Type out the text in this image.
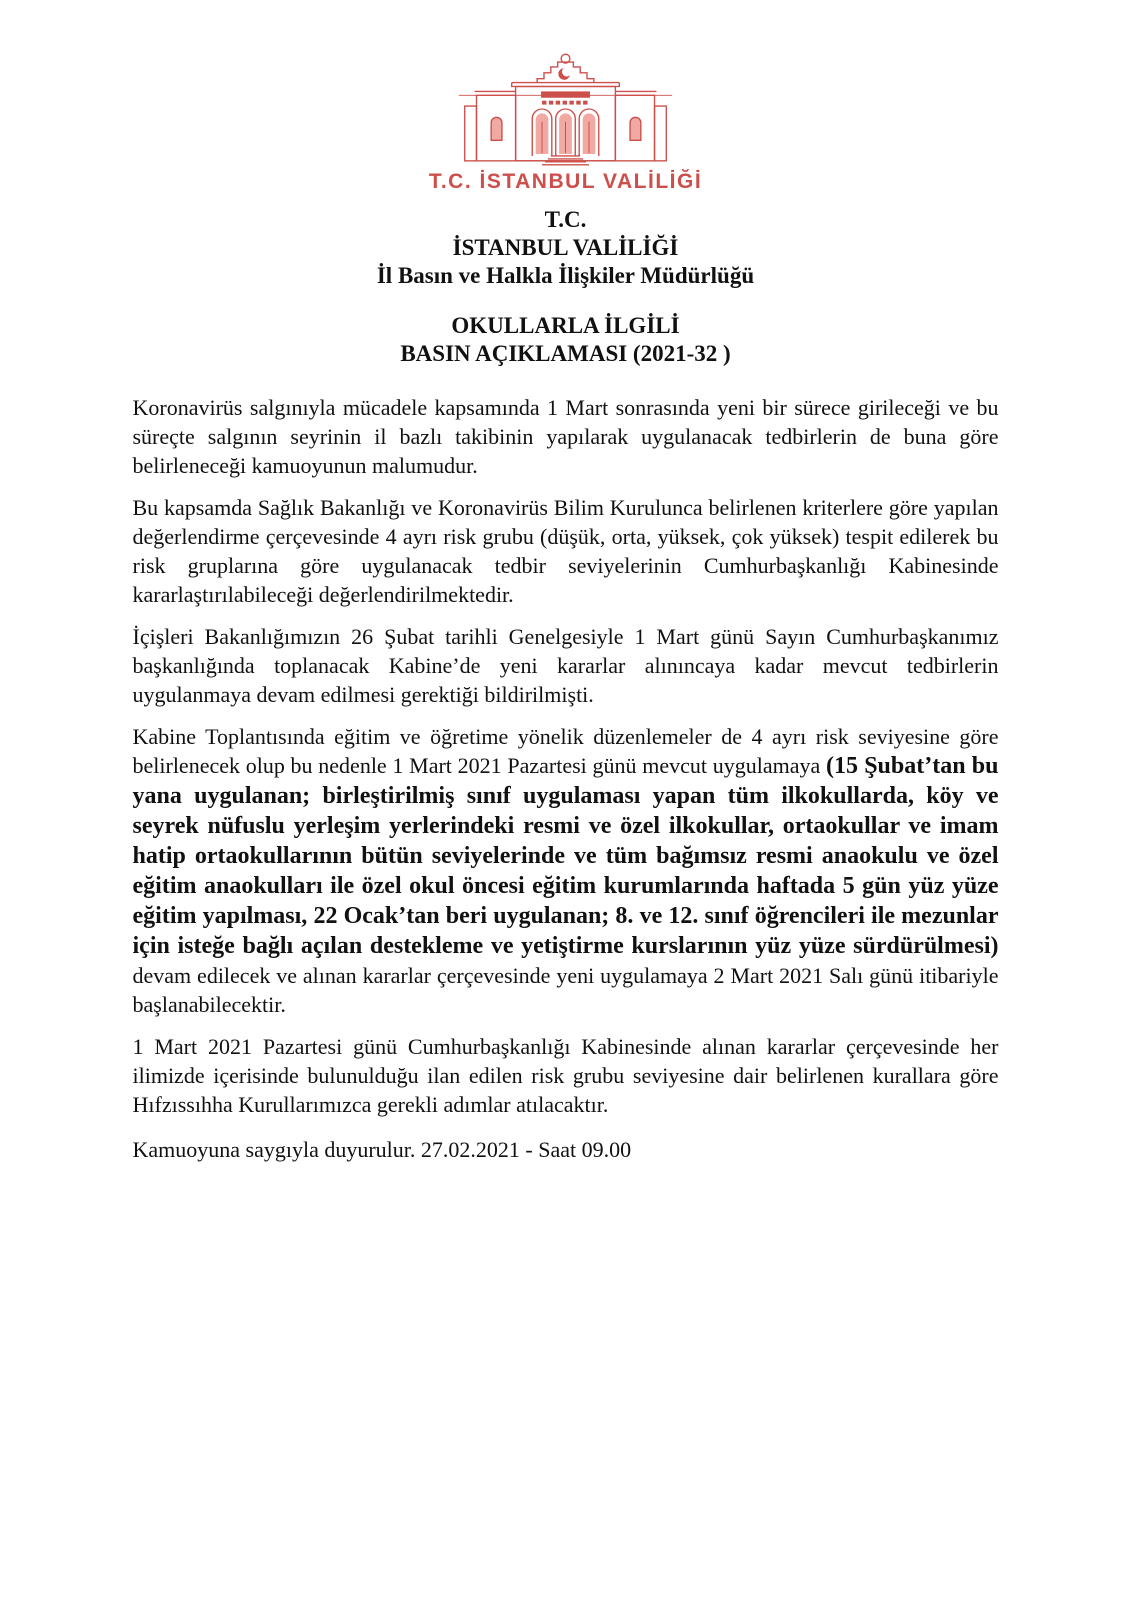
T.C. İSTANBUL VALİLİĞİ
T.C.
İSTANBUL VALİLİĞİ
İl Basın ve Halkla İlişkiler Müdürlüğü
OKULLARLA İLGİLİ
BASIN AÇIKLAMASI (2021-32 )

Koronavirüs salgınıyla mücadele kapsamında 1 Mart sonrasında yeni bir sürece girileceği ve bu süreçte salgının seyrinin il bazlı takibinin yapılarak uygulanacak tedbirlerin de buna göre belirleneceği kamuoyunun malumudur.

Bu kapsamda Sağlık Bakanlığı ve Koronavirüs Bilim Kurulunca belirlenen kriterlere göre yapılan değerlendirme çerçevesinde 4 ayrı risk grubu (düşük, orta, yüksek, çok yüksek) tespit edilerek bu risk gruplarına göre uygulanacak tedbir seviyelerinin Cumhurbaşkanlığı Kabinesinde kararlaştırılabileceği değerlendirilmektedir.

İçişleri Bakanlığımızın 26 Şubat tarihli Genelgesiyle 1 Mart günü Sayın Cumhurbaşkanımız başkanlığında toplanacak Kabine’de yeni kararlar alınıncaya kadar mevcut tedbirlerin uygulanmaya devam edilmesi gerektiği bildirilmişti.

Kabine Toplantısında eğitim ve öğretime yönelik düzenlemeler de 4 ayrı risk seviyesine göre belirlenecek olup bu nedenle 1 Mart 2021 Pazartesi günü mevcut uygulamaya (15 Şubat’tan bu yana uygulanan; birleştirilmiş sınıf uygulaması yapan tüm ilkokullarda, köy ve seyrek nüfuslu yerleşim yerlerindeki resmi ve özel ilkokullar, ortaokullar ve imam hatip ortaokullarının bütün seviyelerinde ve tüm bağımsız resmi anaokulu ve özel eğitim anaokulları ile özel okul öncesi eğitim kurumlarında haftada 5 gün yüz yüze eğitim yapılması, 22 Ocak’tan beri uygulanan; 8. ve 12. sınıf öğrencileri ile mezunlar için isteğe bağlı açılan destekleme ve yetiştirme kurslarının yüz yüze sürdürülmesi) devam edilecek ve alınan kararlar çerçevesinde yeni uygulamaya 2 Mart 2021 Salı günü itibariyle başlanabilecektir.

1 Mart 2021 Pazartesi günü Cumhurbaşkanlığı Kabinesinde alınan kararlar çerçevesinde her ilimizde içerisinde bulunulduğu ilan edilen risk grubu seviyesine dair belirlenen kurallara göre Hıfzıssıhha Kurullarımızca gerekli adımlar atılacaktır.

Kamuoyuna saygıyla duyurulur. 27.02.2021 - Saat 09.00
